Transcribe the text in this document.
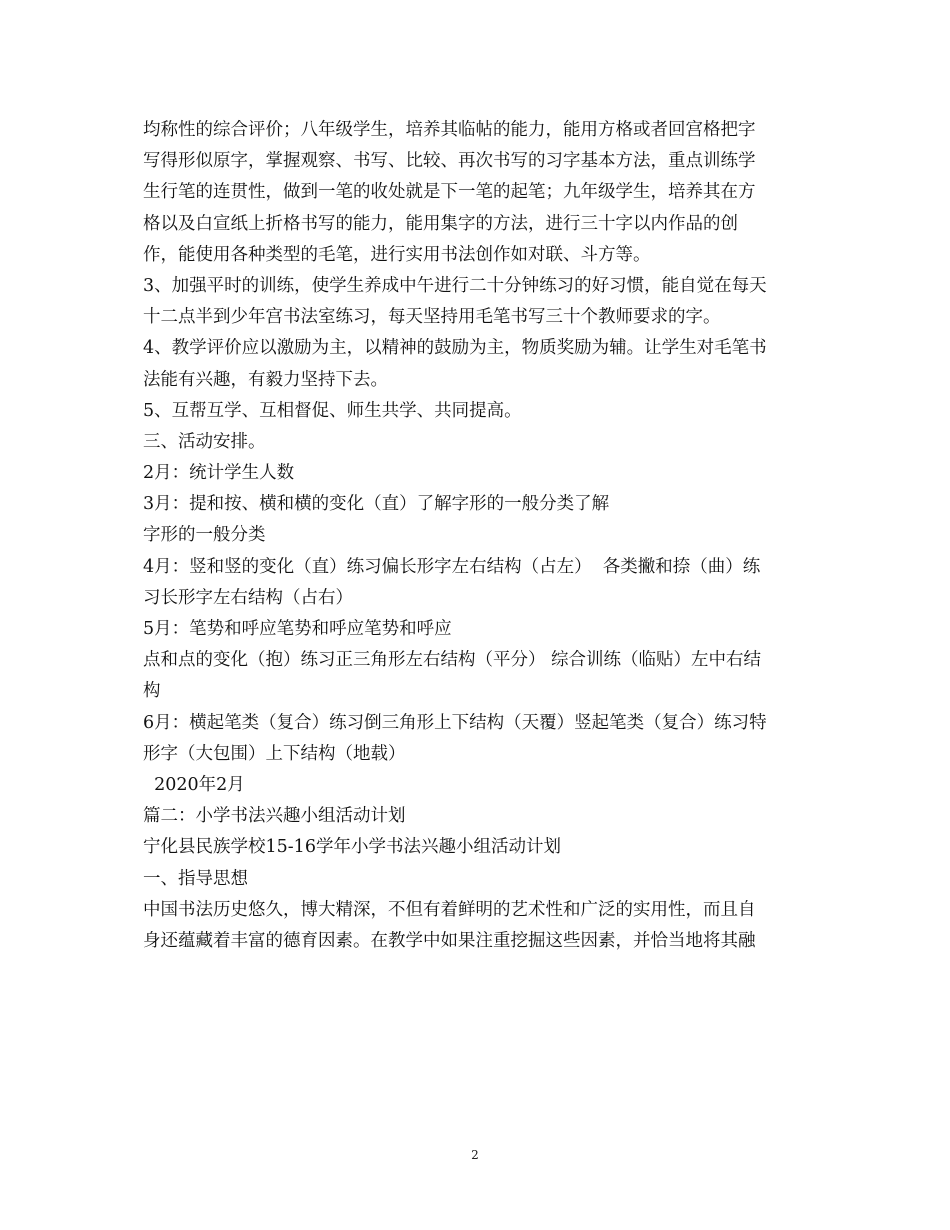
均称性的综合评价；八年级学生，培养其临帖的能力，能用方格或者回宫格把字
写得形似原字，掌握观察、书写、比较、再次书写的习字基本方法，重点训练学
生行笔的连贯性，做到一笔的收处就是下一笔的起笔；九年级学生，培养其在方
格以及白宣纸上折格书写的能力，能用集字的方法，进行三十字以内作品的创
作，能使用各种类型的毛笔，进行实用书法创作如对联、斗方等。
3、加强平时的训练，使学生养成中午进行二十分钟练习的好习惯，能自觉在每天
十二点半到少年宫书法室练习，每天坚持用毛笔书写三十个教师要求的字。
4、教学评价应以激励为主，以精神的鼓励为主，物质奖励为辅。让学生对毛笔书
法能有兴趣，有毅力坚持下去。
5、互帮互学、互相督促、师生共学、共同提高。
三、活动安排。
2月：统计学生人数
3月：提和按、横和横的变化（直）了解字形的一般分类了解
字形的一般分类
4月：竖和竖的变化（直）练习偏长形字左右结构（占左）  各类撇和捺（曲）练
习长形字左右结构（占右）
5月：笔势和呼应笔势和呼应笔势和呼应
点和点的变化（抱）练习正三角形左右结构（平分） 综合训练（临贴）左中右结
构
6月：横起笔类（复合）练习倒三角形上下结构（天覆）竖起笔类（复合）练习特
形字（大包围）上下结构（地载）
2020年2月
篇二：小学书法兴趣小组活动计划
宁化县民族学校15-16学年小学书法兴趣小组活动计划
一、指导思想
中国书法历史悠久，博大精深，不但有着鲜明的艺术性和广泛的实用性，而且自
身还蕴藏着丰富的德育因素。在教学中如果注重挖掘这些因素，并恰当地将其融
2
